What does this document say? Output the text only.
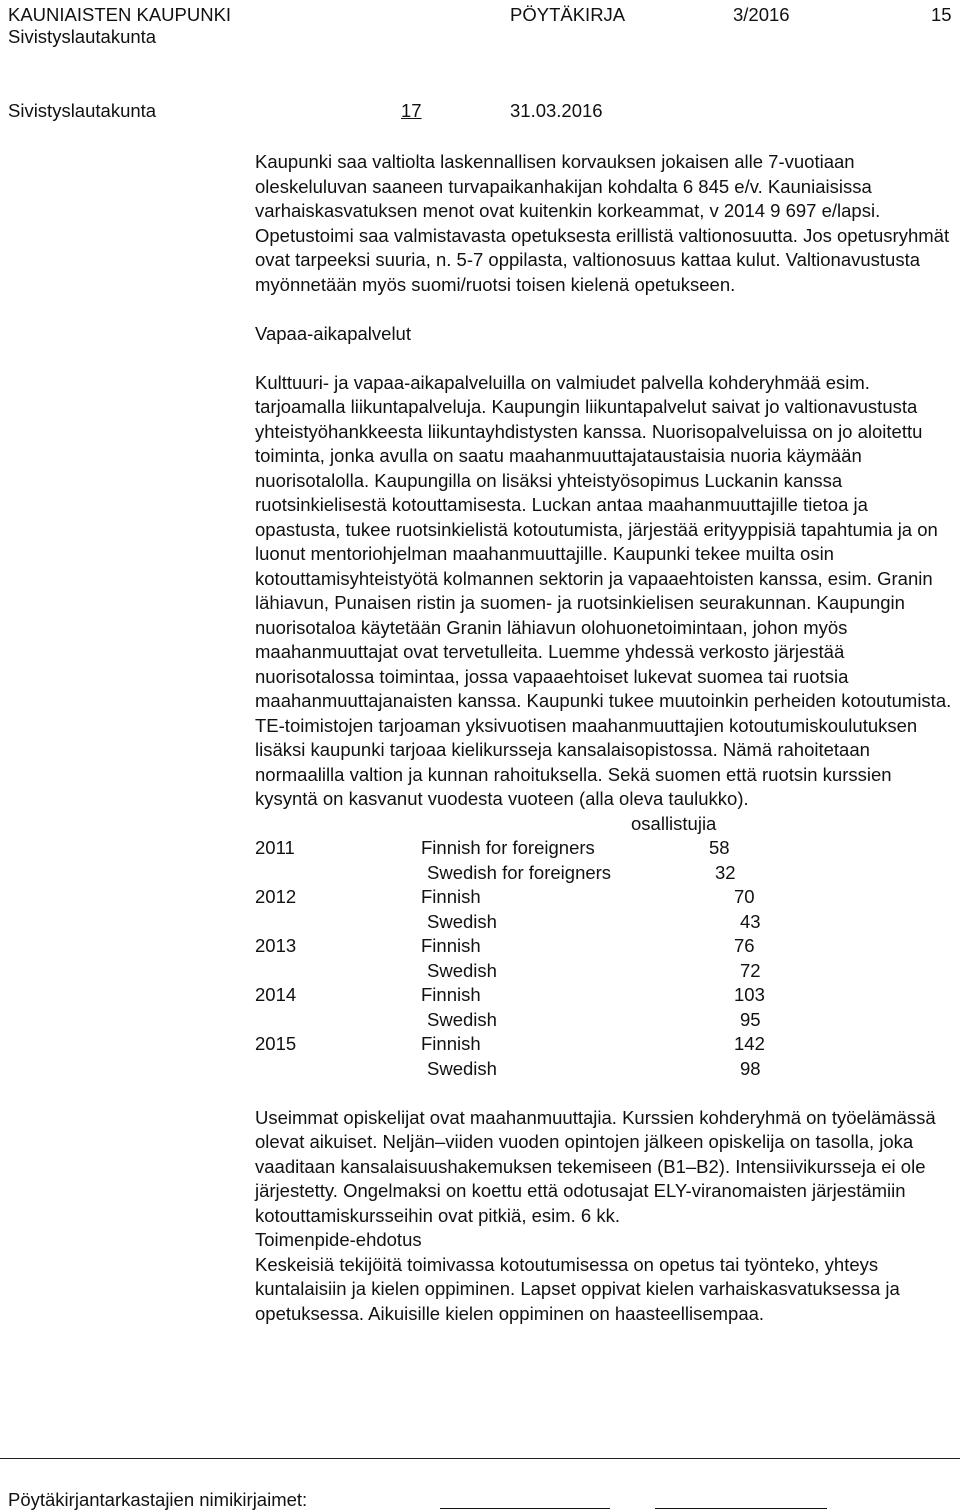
KAUNIAISTEN KAUPUNKI
Sivistyslautakunta
PÖYTÄKIRJA	3/2016	15
Sivistyslautakunta	17	31.03.2016

Kaupunki saa valtiolta laskennallisen korvauksen jokaisen alle 7-vuotiaan oleskeluluvan saaneen turvapaikanhakijan kohdalta 6 845 e/v. Kauniaisissa varhaiskasvatuksen menot ovat kuitenkin korkeammat, v 2014 9 697 e/lapsi. Opetustoimi saa valmistavasta opetuksesta erillistä valtionosuutta. Jos opetusryhmät ovat tarpeeksi suuria, n. 5-7 oppilasta, valtionosuus kattaa kulut. Valtionavustusta myönnetään myös suomi/ruotsi toisen kielenä opetukseen.

Vapaa-aikapalvelut

Kulttuuri- ja vapaa-aikapalveluilla on valmiudet palvella kohderyhmää esim. tarjoamalla liikuntapalveluja. Kaupungin liikuntapalvelut saivat jo valtionavustusta yhteistyöhankkeesta liikuntayhdistysten kanssa. Nuorisopalveluissa on jo aloitettu toiminta, jonka avulla on saatu maahanmuuttajataustaisia nuoria käymään nuorisotalolla. Kaupungilla on lisäksi yhteistyösopimus Luckanin kanssa ruotsinkielisestä kotouttamisesta. Luckan antaa maahanmuuttajille tietoa ja opastusta, tukee ruotsinkielistä kotoutumista, järjestää erityyppisiä tapahtumia ja on luonut mentoriohjelman maahanmuuttajille. Kaupunki tekee muilta osin kotouttamisyhteistyötä kolmannen sektorin ja vapaaehtoisten kanssa, esim. Granin lähiavun, Punaisen ristin ja suomen- ja ruotsinkielisen seurakunnan. Kaupungin nuorisotaloa käytetään Granin lähiavun olohuonetoimintaan, johon myös maahanmuuttajat ovat tervetulleita. Luemme yhdessä verkosto järjestää nuorisotalossa toimintaa, jossa vapaaehtoiset lukevat suomea tai ruotsia maahanmuuttajanaisten kanssa. Kaupunki tukee muutoinkin perheiden kotoutumista. TE-toimistojen tarjoaman yksivuotisen maahanmuuttajien kotoutumiskoulutuksen lisäksi kaupunki tarjoaa kielikursseja kansalaisopistossa. Nämä rahoitetaan normaalilla valtion ja kunnan rahoituksella. Sekä suomen että ruotsin kurssien kysyntä on kasvanut vuodesta vuoteen (alla oleva taulukko).

osallistujia
2011	Finnish for foreigners	58
Swedish for foreigners	32
2012	Finnish	70
Swedish	43
2013	Finnish	76
Swedish	72
2014	Finnish	103
Swedish	95
2015	Finnish	142
Swedish	98

Useimmat opiskelijat ovat maahanmuuttajia. Kurssien kohderyhmä on työelämässä olevat aikuiset. Neljän–viiden vuoden opintojen jälkeen opiskelija on tasolla, joka vaaditaan kansalaisuushakemuksen tekemiseen (B1–B2). Intensiivikursseja ei ole järjestetty. Ongelmaksi on koettu että odotusajat ELY-viranomaisten järjestämiin kotouttamiskursseihin ovat pitkiä, esim. 6 kk.

Toimenpide-ehdotus

Keskeisiä tekijöitä toimivassa kotoutumisessa on opetus tai työnteko, yhteys kuntalaisiin ja kielen oppiminen. Lapset oppivat kielen varhaiskasvatuksessa ja opetuksessa. Aikuisille kielen oppiminen on haasteellisempaa.

Pöytäkirjantarkastajien nimikirjaimet:
